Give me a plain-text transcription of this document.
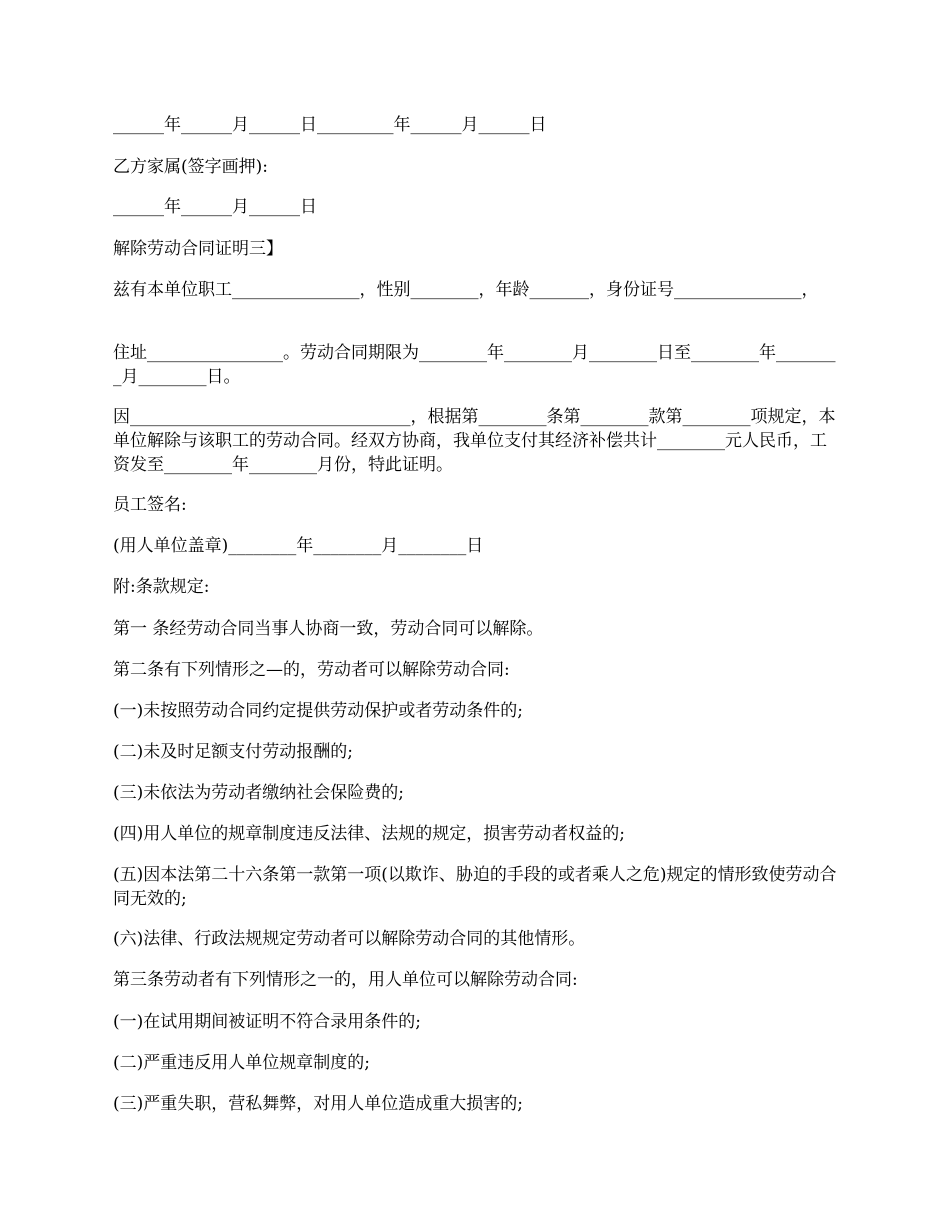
______年______月______日_________年______月______日

乙方家属(签字画押):

______年______月______日

解除劳动合同证明三】

兹有本单位职工_______________，性别________，年龄_______，身份证号_______________，

住址________________。劳动合同期限为________年________月________日至________年________月________日。

因_________________________________，根据第________条第________款第________项规定，本单位解除与该职工的劳动合同。经双方协商，我单位支付其经济补偿共计________元人民币，工资发至________年________月份，特此证明。

员工签名:

(用人单位盖章)________年________月________日

附:条款规定:

第一 条经劳动合同当事人协商一致，劳动合同可以解除。

第二条有下列情形之—的，劳动者可以解除劳动合同:

(一)未按照劳动合同约定提供劳动保护或者劳动条件的;

(二)未及时足额支付劳动报酬的;

(三)未依法为劳动者缴纳社会保险费的;

(四)用人单位的规章制度违反法律、法规的规定，损害劳动者权益的;

(五)因本法第二十六条第一款第一项(以欺诈、胁迫的手段的或者乘人之危)规定的情形致使劳动合同无效的;

(六)法律、行政法规规定劳动者可以解除劳动合同的其他情形。

第三条劳动者有下列情形之一的，用人单位可以解除劳动合同:

(一)在试用期间被证明不符合录用条件的;

(二)严重违反用人单位规章制度的;

(三)严重失职，营私舞弊，对用人单位造成重大损害的;
